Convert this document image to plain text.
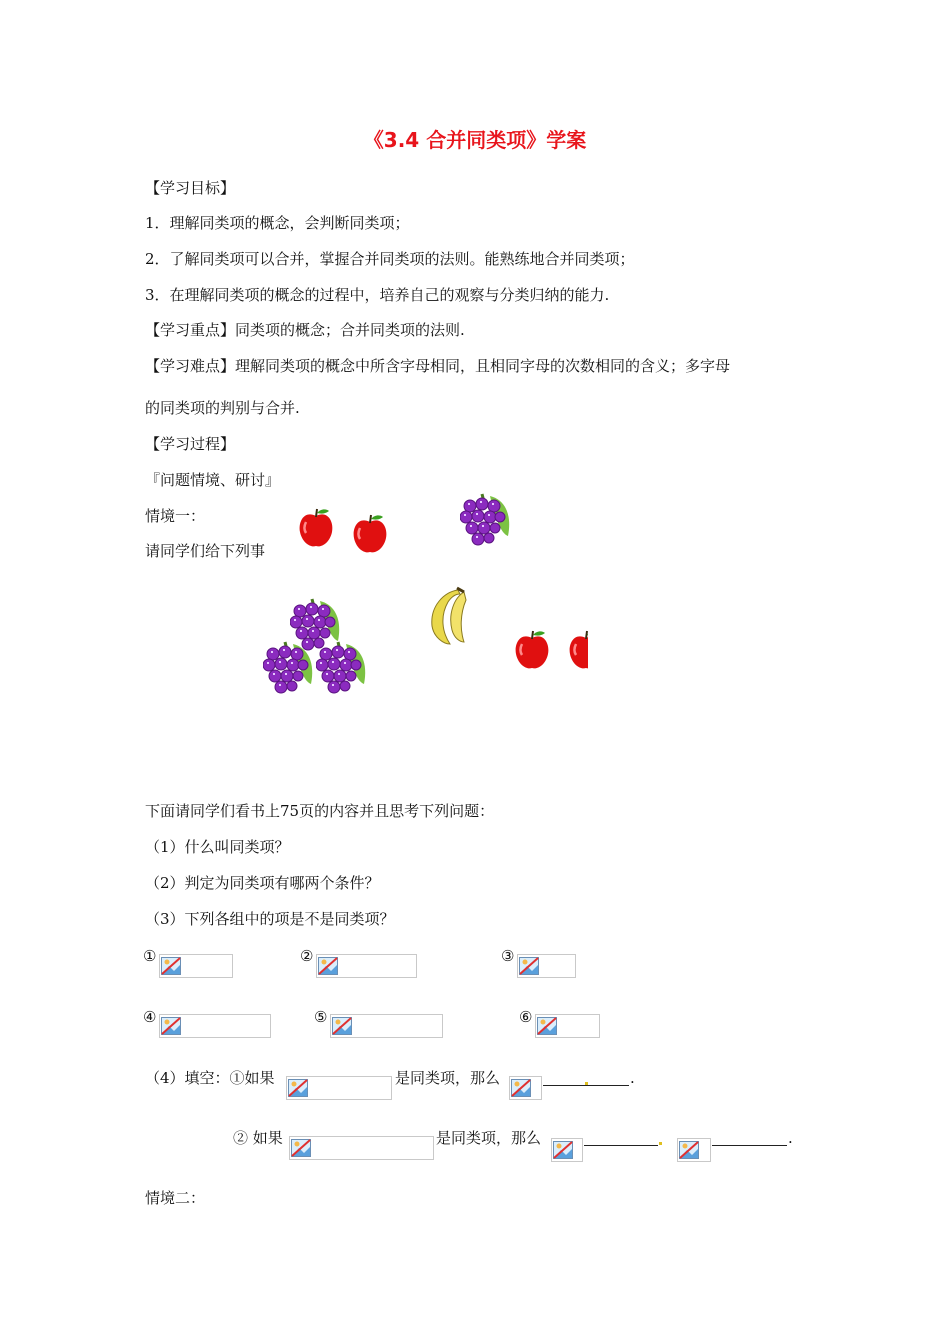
《3.4 合并同类项》学案
【学习目标】
1．理解同类项的概念，会判断同类项；
2．了解同类项可以合并，掌握合并同类项的法则。能熟练地合并同类项；
3．在理解同类项的概念的过程中，培养自己的观察与分类归纳的能力.
【学习重点】同类项的概念；合并同类项的法则.
【学习难点】理解同类项的概念中所含字母相同，且相同字母的次数相同的含义；多字母
的同类项的判别与合并.
【学习过程】
『问题情境、研讨』
情境一：
请同学们给下列事
下面请同学们看书上75页的内容并且思考下列问题：
（1）什么叫同类项？
（2）判定为同类项有哪两个条件？
（3）下列各组中的项是不是同类项？
①	②	③
④	⑤	⑥
（4）填空：①如果	是同类项，那么	.
② 如果	是同类项，那么	.
情境二：
